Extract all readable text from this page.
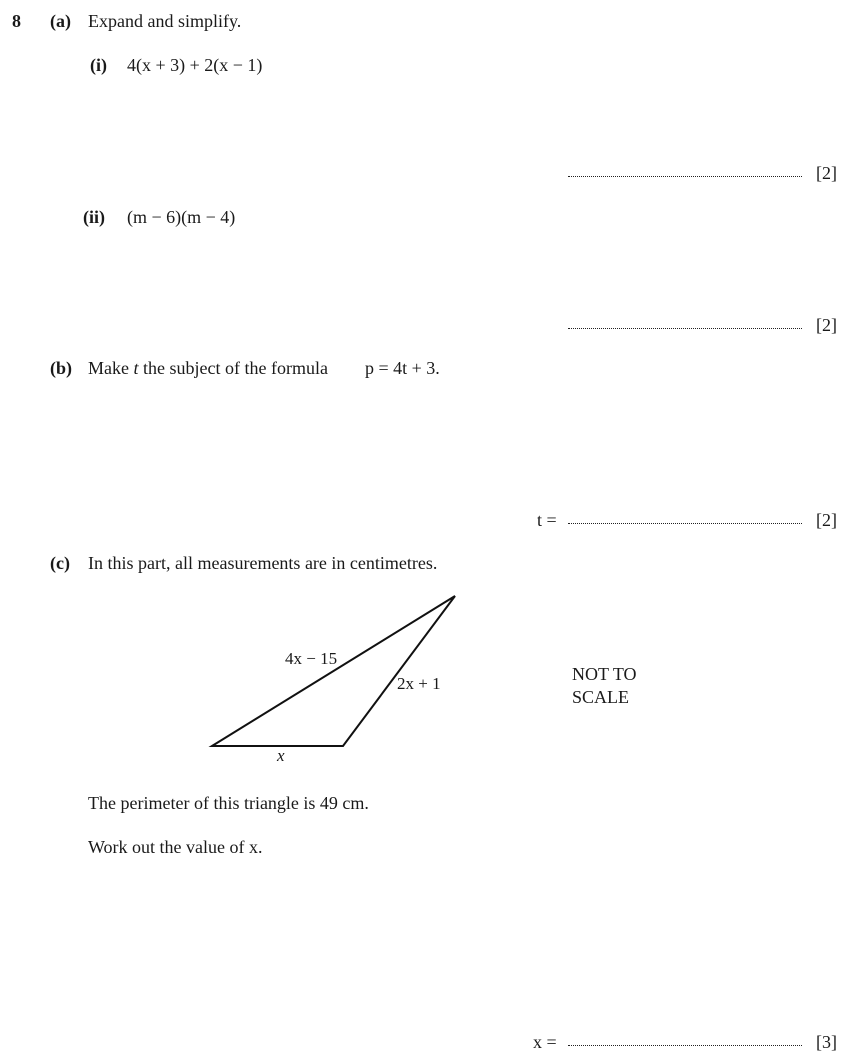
8 (a) Expand and simplify.
(i) 4(x + 3) + 2(x − 1)
[2]
(ii) (m − 6)(m − 4)
[2]
(b) Make t the subject of the formula p = 4t + 3.
t =	[2]
(c) In this part, all measurements are in centimetres.
4x − 15
2x + 1
x
NOT TO
SCALE
The perimeter of this triangle is 49 cm.
Work out the value of x.
x =	[3]
